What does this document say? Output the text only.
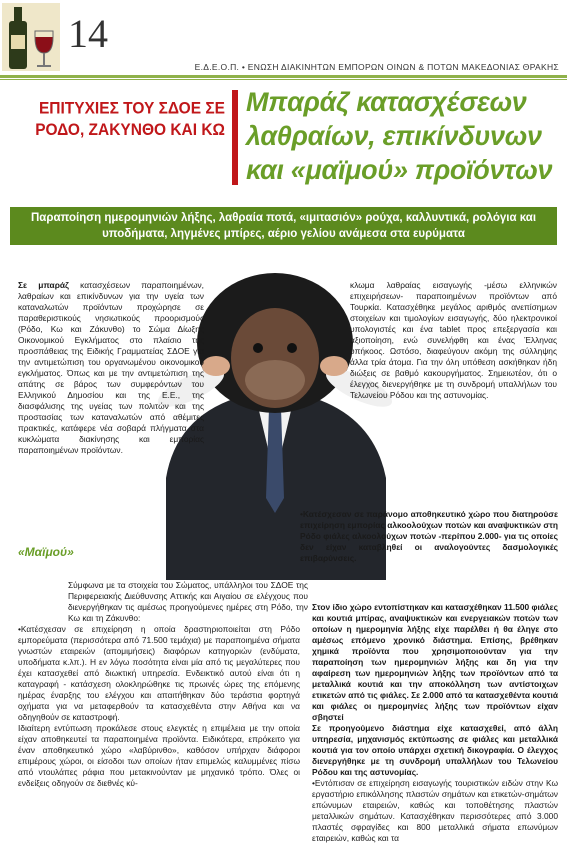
14
Ε.Δ.Ε.Ο.Π. • ΕΝΩΣΗ ΔΙΑΚΙΝΗΤΩΝ ΕΜΠΟΡΩΝ ΟΙΝΩΝ & ΠΟΤΩΝ ΜΑΚΕΔΟΝΙΑΣ ΘΡΑΚΗΣ
ΕΠΙΤΥΧΙΕΣ ΤΟΥ ΣΔΟΕ ΣΕ ΡΟΔΟ, ΖΑΚΥΝΘΟ ΚΑΙ ΚΩ
Μπαράζ κατασχέσεων λαθραίων, επικίνδυνων και «μαϊμού» προϊόντων
Παραποίηση ημερομηνιών λήξης, λαθραία ποτά, «ιμιτασιόν» ρούχα, καλλυντικά, ρολόγια και υποδήματα, ληγμένες μπίρες, αέριο γελίου ανάμεσα στα ευρύματα

Σε μπαράζ κατασχέσεων παραποιημένων, λαθραίων και επικίνδυνων για την υγεία των καταναλωτών προϊόντων προχώρησε σε παραθεριστικούς νησιωτικούς προορισμούς (Ρόδο, Κω και Ζάκυνθο) το Σώμα Δίωξης Οικονομικού Εγκλήματος στο πλαίσιο της προσπάθειας της Ειδικής Γραμματείας ΣΔΟΕ για την αντιμετώπιση του οργανωμένου οικονομικού εγκλήματος. Όπως και με την αντιμετώπιση της απάτης σε βάρος των συμφερόντων του Ελληνικού Δημοσίου και της Ε.Ε., της διασφάλισης της υγείας των πολιτών και της προστασίας των καταναλωτών από αθέμιτες πρακτικές, κατάφερε νέα σοβαρά πλήγματα στα κυκλώματα διακίνησης και εμπορίας παραποιημένων προϊόντων.

κλωμα λαθραίας εισαγωγής -μέσω ελληνικών επιχειρήσεων- παραποιημένων προϊόντων από Τουρκία. Κατασχέθηκε μεγάλος αριθμός ανεπίσημων στοιχείων και τιμολογίων εισαγωγής, δύο ηλεκτρονικοί υπολογιστές και ένα tablet προς επεξεργασία και αξιοποίηση, ενώ συνελήφθη και ένας Έλληνας υπήκοος. Ωστόσο, διαφεύγουν ακόμη της σύλληψης άλλα τρία άτομα. Για την όλη υπόθεση ασκήθηκαν ήδη διώξεις σε βαθμό κακουργήματος. Σημειωτέον, ότι ο έλεγχος διενεργήθηκε με τη συνδρομή υπαλλήλων του Τελωνείου Ρόδου και της αστυνομίας.

•Κατέσχεσαν σε παράνομο αποθηκευτικό χώρο που διατηρούσε επιχείρηση εμπορίας αλκοολούχων ποτών και αναψυκτικών στη Ρόδο φιάλες αλκοολούχων ποτών -περίπου 2.000- για τις οποίες δεν είχαν καταβληθεί οι αναλογούντες δασμολογικές επιβαρύνσεις.
«Μαϊμού»

Σύμφωνα με τα στοιχεία του Σώματος, υπάλληλοι του ΣΔΟΕ της Περιφερειακής Διεύθυνσης Αττικής και Αιγαίου σε ελέγχους που διενεργήθηκαν τις αμέσως προηγούμενες ημέρες στη Ρόδο, την Κω και τη Ζάκυνθο:

•Κατέσχεσαν σε επιχείρηση η οποία δραστηριοποιείται στη Ρόδο εμπορεύματα (περισσότερα από 71.500 τεμάχια) με παραποιημένα σήματα γνωστών εταιρειών (απομιμήσεις) διαφόρων κατηγοριών (ενδύματα, υποδήματα κ.λπ.). Η εν λόγω ποσότητα είναι μία από τις μεγαλύτερες που έχει κατασχεθεί από διωκτική υπηρεσία. Ενδεικτικό αυτού είναι ότι η καταγραφή - κατάσχεση ολοκληρώθηκε τις πρωινές ώρες της επόμενης ημέρας έναρξης του ελέγχου και απαιτήθηκαν δύο τεράστια φορτηγά οχήματα για να μεταφερθούν τα κατασχεθέντα στην Αθήνα και να οδηγηθούν σε καταστροφή.

Ιδιαίτερη εντύπωση προκάλεσε στους ελεγκτές η επιμέλεια με την οποία είχαν αποθηκευτεί τα παραποιημένα προϊόντα. Ειδικότερα, επρόκειτο για έναν αποθηκευτικό χώρο «λαβύρινθο», καθόσον υπήρχαν διάφοροι επιμέρους χώροι, οι είσοδοι των οποίων ήταν επιμελώς καλυμμένες πίσω από ντουλάπες ράφια που μετακινούνταν με μηχανικό τρόπο. Όλες οι ενδείξεις οδηγούν σε διεθνές κύ-

Στον ίδιο χώρο εντοπίστηκαν και κατασχέθηκαν 11.500 φιάλες και κουτιά μπίρας, αναψυκτικών και ενεργειακών ποτών των οποίων η ημερομηνία λήξης είχε παρέλθει ή θα έληγε στο αμέσως επόμενο χρονικό διάστημα. Επίσης, βρέθηκαν χημικά προϊόντα που χρησιμοποιούνταν για την παραποίηση των ημερομηνιών λήξης και δη για την αφαίρεση των ημερομηνιών λήξης των προϊόντων από τα μεταλλικά κουτιά και την αποκόλληση των αντίστοιχων ετικετών από τις φιάλες. Σε 2.000 από τα κατασχεθέντα κουτιά και φιάλες οι ημερομηνίες λήξης των προϊόντων είχαν σβηστεί

Σε προηγούμενο διάστημα είχε κατασχεθεί, από άλλη υπηρεσία, μηχανισμός εκτύπωσης σε φιάλες και μεταλλικά κουτιά για τον οποίο υπάρχει σχετική δικογραφία. Ο έλεγχος διενεργήθηκε με τη συνδρομή υπαλλήλων του Τελωνείου Ρόδου και της αστυνομίας.

•Εντόπισαν σε επιχείρηση εισαγωγής τουριστικών ειδών στην Κω εργαστήριο επικόλλησης πλαστών σημάτων και ετικετών-σημάτων επώνυμων εταιρειών, καθώς και τοποθέτησης πλαστών μεταλλικών σημάτων. Κατασχέθηκαν περισσότερες από 3.000 πλαστές σφραγίδες και 800 μεταλλικά σήματα επωνύμων εταιρειών, καθώς και τα
